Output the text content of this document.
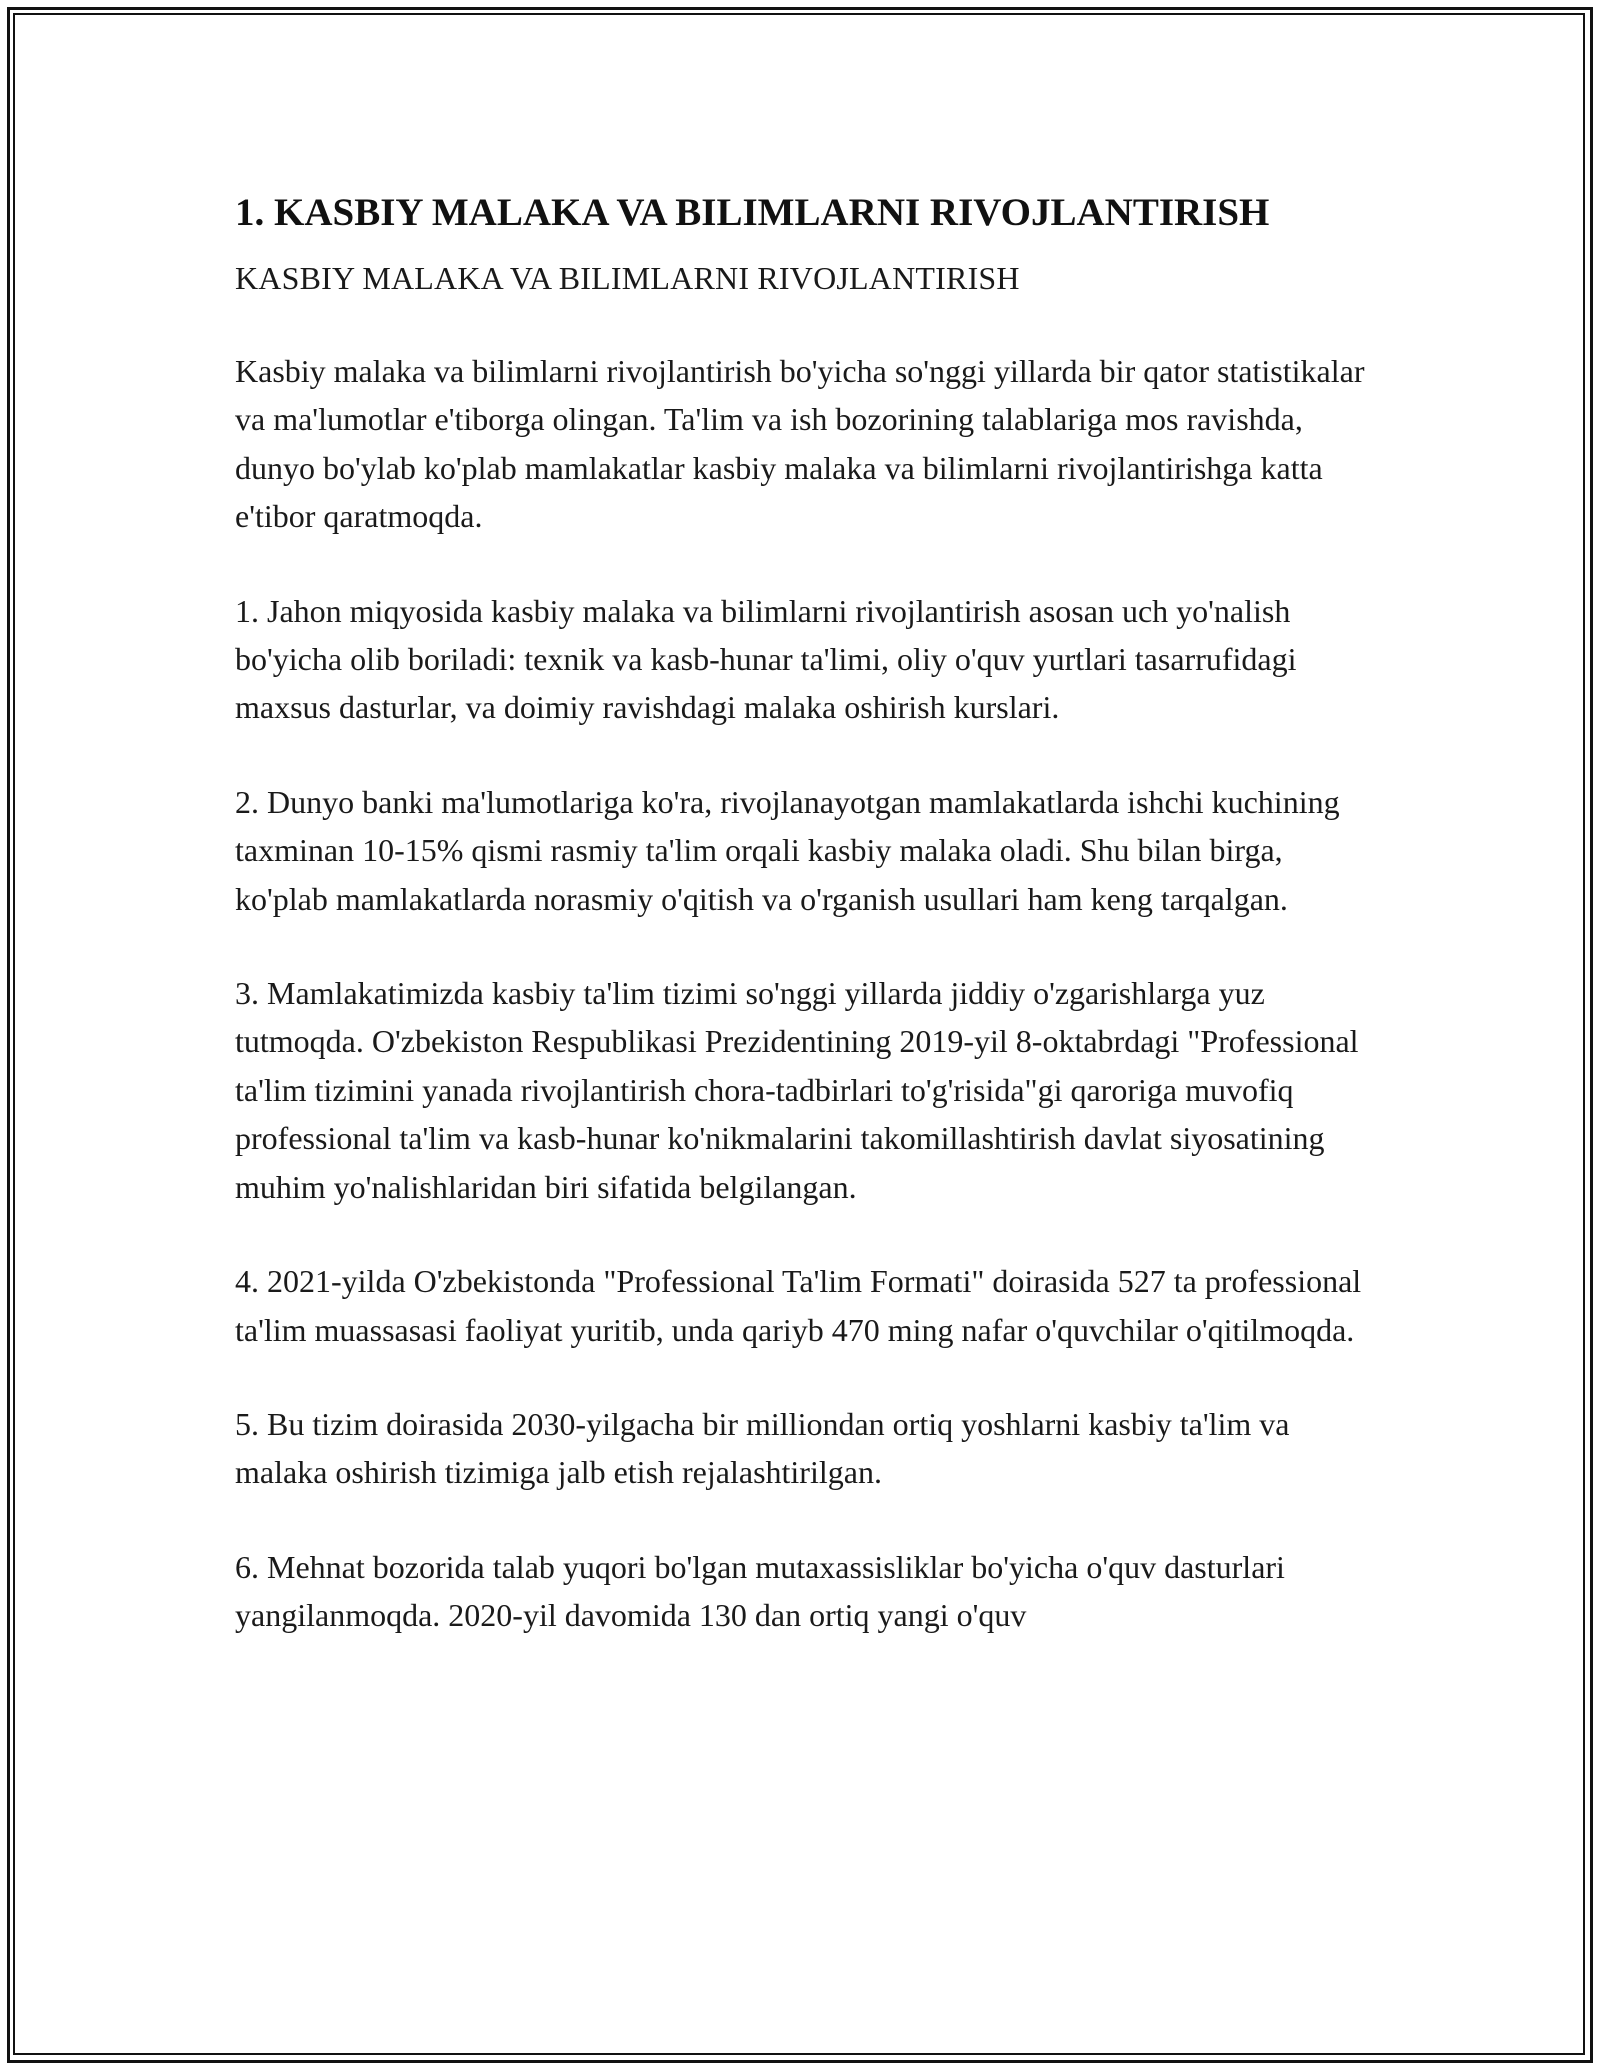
1. KASBIY MALAKA VA BILIMLARNI RIVOJLANTIRISH

KASBIY MALAKA VA BILIMLARNI RIVOJLANTIRISH

Kasbiy malaka va bilimlarni rivojlantirish bo'yicha so'nggi yillarda bir qator statistikalar va ma'lumotlar e'tiborga olingan. Ta'lim va ish bozorining talablariga mos ravishda, dunyo bo'ylab ko'plab mamlakatlar kasbiy malaka va bilimlarni rivojlantirishga katta e'tibor qaratmoqda.

1. Jahon miqyosida kasbiy malaka va bilimlarni rivojlantirish asosan uch yo'nalish bo'yicha olib boriladi: texnik va kasb-hunar ta'limi, oliy o'quv yurtlari tasarrufidagi maxsus dasturlar, va doimiy ravishdagi malaka oshirish kurslari.

2. Dunyo banki ma'lumotlariga ko'ra, rivojlanayotgan mamlakatlarda ishchi kuchining taxminan 10-15% qismi rasmiy ta'lim orqali kasbiy malaka oladi. Shu bilan birga, ko'plab mamlakatlarda norasmiy o'qitish va o'rganish usullari ham keng tarqalgan.

3. Mamlakatimizda kasbiy ta'lim tizimi so'nggi yillarda jiddiy o'zgarishlarga yuz tutmoqda. O'zbekiston Respublikasi Prezidentining 2019-yil 8-oktabrdagi "Professional ta'lim tizimini yanada rivojlantirish chora-tadbirlari to'g'risida"gi qaroriga muvofiq professional ta'lim va kasb-hunar ko'nikmalarini takomillashtirish davlat siyosatining muhim yo'nalishlaridan biri sifatida belgilangan.

4. 2021-yilda O'zbekistonda "Professional Ta'lim Formati" doirasida 527 ta professional ta'lim muassasasi faoliyat yuritib, unda qariyb 470 ming nafar o'quvchilar o'qitilmoqda.

5. Bu tizim doirasida 2030-yilgacha bir milliondan ortiq yoshlarni kasbiy ta'lim va malaka oshirish tizimiga jalb etish rejalashtirilgan.

6. Mehnat bozorida talab yuqori bo'lgan mutaxassisliklar bo'yicha o'quv dasturlari yangilanmoqda. 2020-yil davomida 130 dan ortiq yangi o'quv
